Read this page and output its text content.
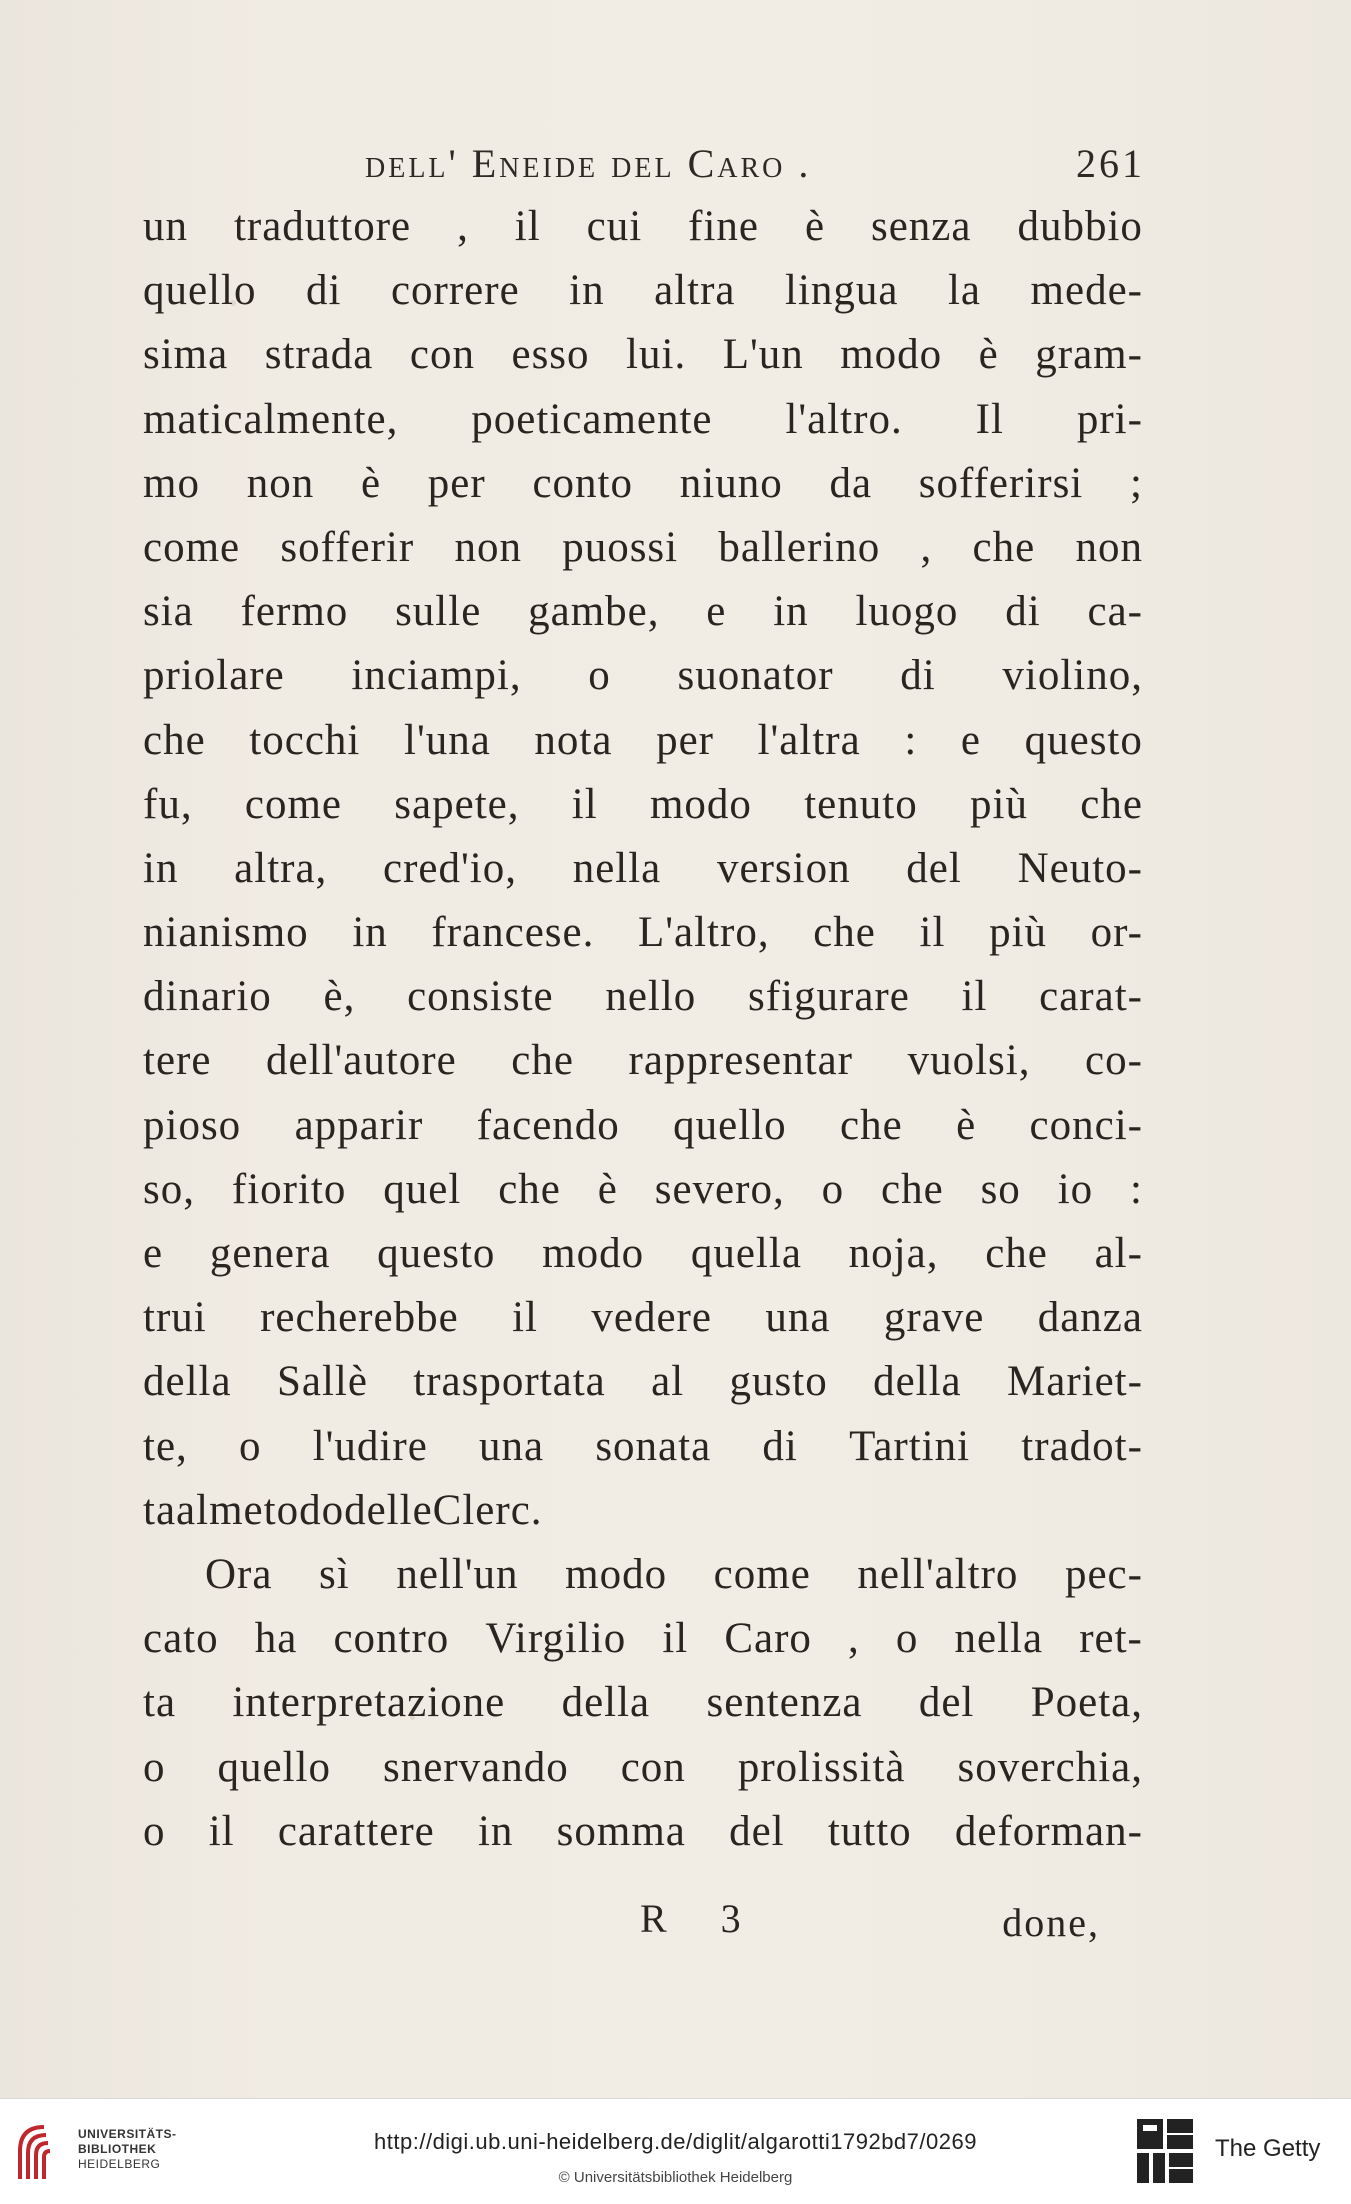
dell' Eneide del Caro .	261
un traduttore , il cui fine è senza dubbio
quello di correre in altra lingua la mede-
sima strada con esso lui. L'un modo è gram-
maticalmente, poeticamente l'altro. Il pri-
mo non è per conto niuno da sofferirsi ;
come sofferir non puossi ballerino , che non
sia fermo sulle gambe, e in luogo di ca-
priolare inciampi, o suonator di violino,
che tocchi l'una nota per l'altra : e questo
fu, come sapete, il modo tenuto più che
in altra, cred'io, nella version del Neuto-
nianismo in francese. L'altro, che il più or-
dinario è, consiste nello sfigurare il carat-
tere dell'autore che rappresentar vuolsi, co-
pioso apparir facendo quello che è conci-
so, fiorito quel che è severo, o che so io :
e genera questo modo quella noja, che al-
trui recherebbe il vedere una grave danza
della Sallè trasportata al gusto della Mariet-
te, o l'udire una sonata di Tartini tradot-
ta al metodo del le Clerc.
Ora sì nell'un modo come nell'altro pec-
cato ha contro Virgilio il Caro , o nella ret-
ta interpretazione della sentenza del Poeta,
o quello snervando con prolissità soverchia,
o il carattere in somma del tutto deforman-
R 3	done,
UNIVERSITÄTS-
BIBLIOTHEK
HEIDELBERG
http://digi.ub.uni-heidelberg.de/diglit/algarotti1792bd7/0269
© Universitätsbibliothek Heidelberg
The Getty
